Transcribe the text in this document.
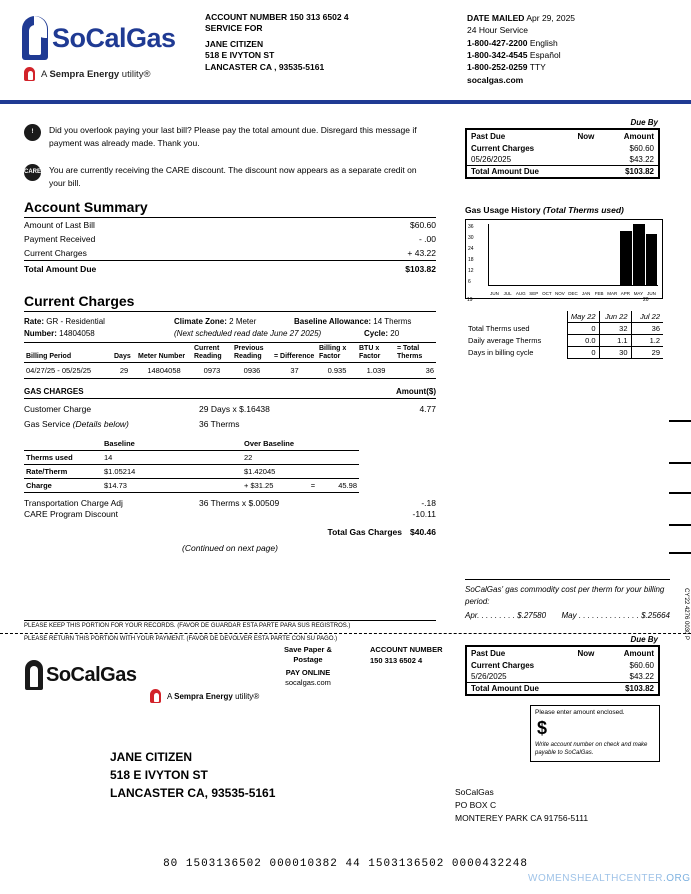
SoCalGas
A Sempra Energy utility®
ACCOUNT NUMBER 150 313 6502 4
SERVICE FOR
JANE CITIZEN
518 E IVYTON ST
LANCASTER CA , 93535-5161
DATE MAILED Apr 29, 2025
24 Hour Service
1-800-427-2200 English
1-800-342-4545 Español
1-800-252-0259 TTY
socalgas.com
!	Did you overlook paying your last bill? Please pay the total amount due. Disregard this message if payment was already made. Thank you.
CARE You are currently receiving the CARE discount. The discount now appears as a separate credit on your bill.
Account Summary
Amount of Last Bill	$60.60
Payment Received	- .00
Current Charges	+ 43.22
Total Amount Due	$103.82
Due By
Past Due	Now	Amount
Current Charges		$60.60
05/26/2025		$43.22
Total Amount Due		$103.82
Gas Usage History (Total Therms used)
36
30
24
18
12
6
JUN	JUL AUG SEP OCT NOV DEC JAN FEB MAR APR MAY JUN
19	20
	May 22	Jun 22	Jul 22
Total Therms used	0	32	36
Daily average Therms	0.0	1.1	1.2
Days in billing cycle	0	30	29
Current Charges
Rate: GR - Residential	Climate Zone: 2 Meter	Baseline Allowance: 14 Therms
Number: 14804058	(Next scheduled read date June 27 2025)	Cycle: 20
Billing Period	Days	Meter Number	Current Reading	Previous Reading	= Difference	Billing x Factor	BTU x Factor	= Total Therms
04/27/25 - 05/25/25	29	14804058	0973	0936	37	0.935	1.039	36
GAS CHARGES	Amount($)
Customer Charge	29 Days x $.16438	4.77
Gas Service (Details below)	36 Therms
	Baseline	Over Baseline		
Therms used	14	22		
Rate/Therm	$1.05214	$1.42045		
Charge	$14.73	+ $31.25	=	45.98
Transportation Charge Adj	36 Therms x $.00509	-.18
CARE Program Discount	-10.11
Total Gas Charges $40.46
(Continued on next page)
SoCalGas' gas commodity cost per therm for your billing period:
Apr. . . . . . . . . $.27580 May . . . . . . . . . . . . . . $.25664
PLEASE KEEP THIS PORTION FOR YOUR RECORDS. (FAVOR DE GUARDAR ESTA PARTE PARA SUS REGISTROS.)
PLEASE RETURN THIS PORTION WITH YOUR PAYMENT. (FAVOR DE DEVOLVER ESTA PARTE CON SU PAGO.)
SoCalGas
A Sempra Energy utility®
Save Paper &
Postage
PAY ONLINE
socalgas.com
ACCOUNT NUMBER
150 313 6502 4
Due By
Past Due	Now	Amount
Current Charges		$60.60
5/26/2025		$43.22
Total Amount Due		$103.82
Please enter amount enclosed.
$
Write account number on check and make payable to SoCalGas.
JANE CITIZEN
518 E IVYTON ST
LANCASTER CA, 93535-5161	SoCalGas
PO BOX C
MONTEREY PARK CA 91756-5111
80 1503136502 000010382 44 1503136502 0000432248
CY'22 4276 0030 P
WOMENSHEALTHCENTER.ORG
